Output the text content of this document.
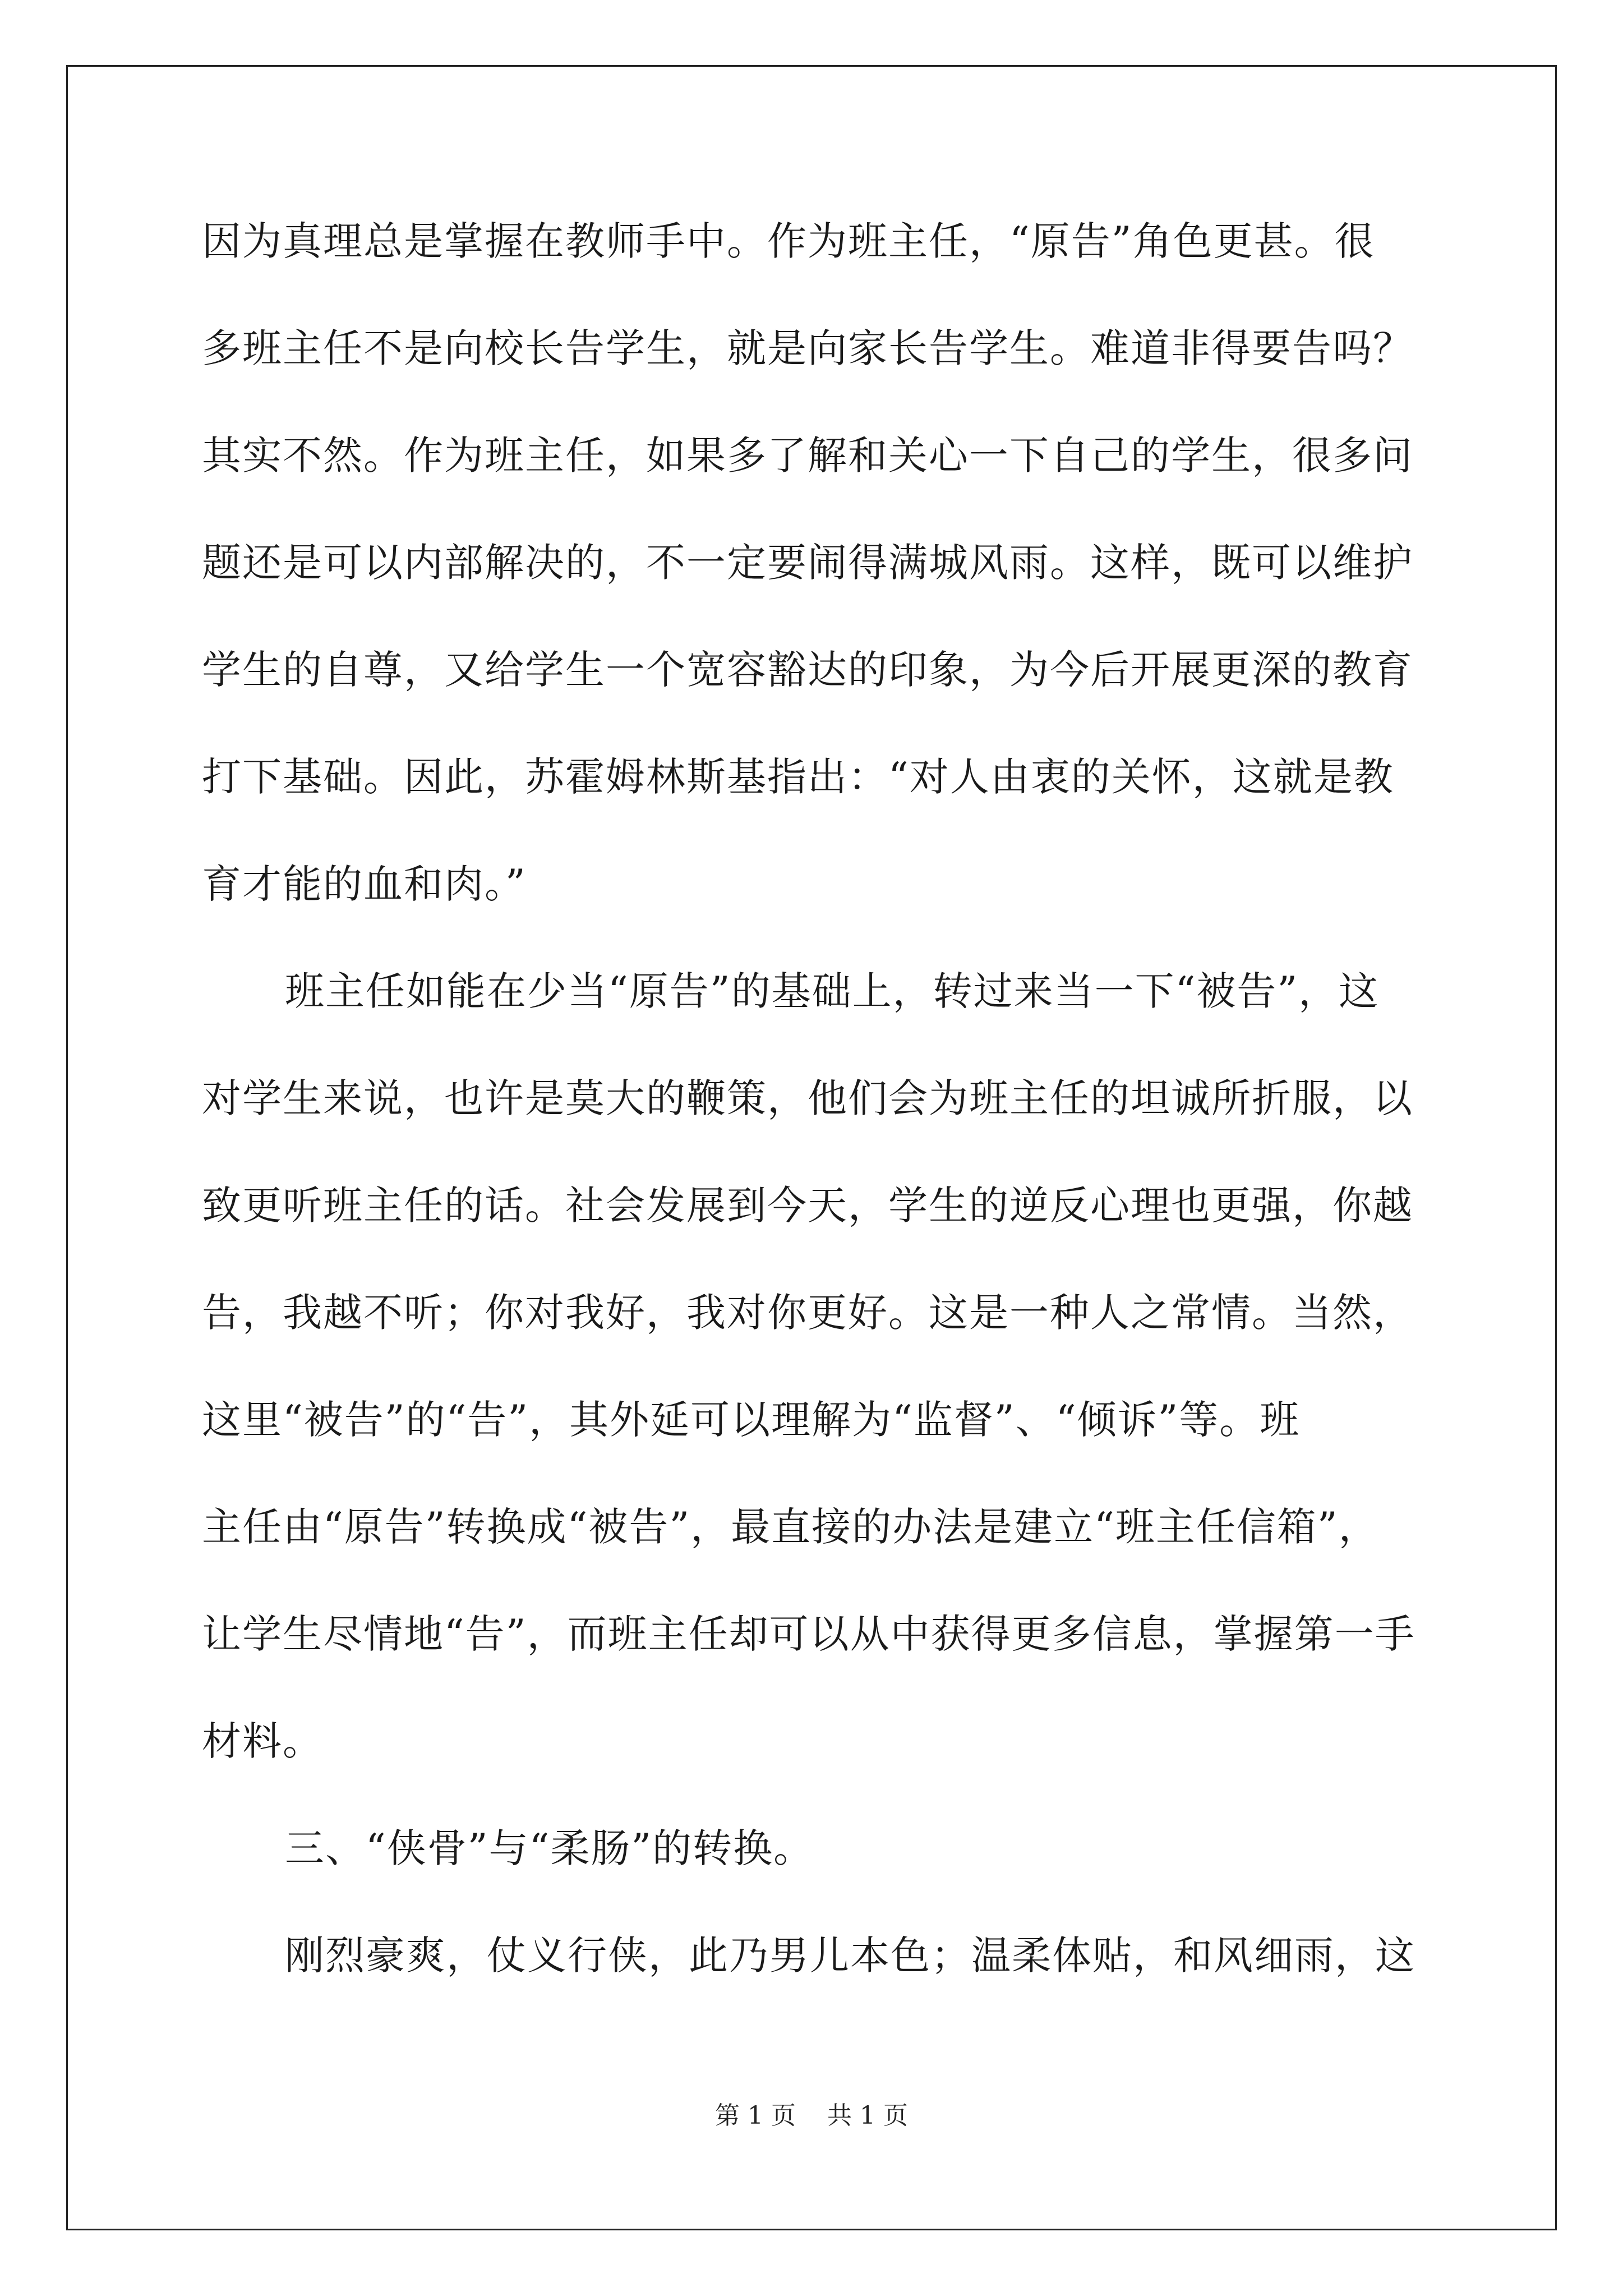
因为真理总是掌握在教师手中。作为班主任，“原告”角色更甚。很
多班主任不是向校长告学生，就是向家长告学生。难道非得要告吗？
其实不然。作为班主任，如果多了解和关心一下自己的学生，很多问
题还是可以内部解决的，不一定要闹得满城风雨。这样，既可以维护
学生的自尊，又给学生一个宽容豁达的印象，为今后开展更深的教育
打下基础。因此，苏霍姆林斯基指出：“对人由衷的关怀，这就是教
育才能的血和肉。”
班主任如能在少当“原告”的基础上，转过来当一下“被告”，这
对学生来说，也许是莫大的鞭策，他们会为班主任的坦诚所折服，以
致更听班主任的话。社会发展到今天，学生的逆反心理也更强，你越
告，我越不听；你对我好，我对你更好。这是一种人之常情。当然，
这里“被告”的“告”，其外延可以理解为“监督”、“倾诉”等。班
主任由“原告”转换成“被告”，最直接的办法是建立“班主任信箱”，
让学生尽情地“告”，而班主任却可以从中获得更多信息，掌握第一手
材料。
三、“侠骨”与“柔肠”的转换。
刚烈豪爽，仗义行侠，此乃男儿本色；温柔体贴，和风细雨，这
第 1 页 共 1 页
